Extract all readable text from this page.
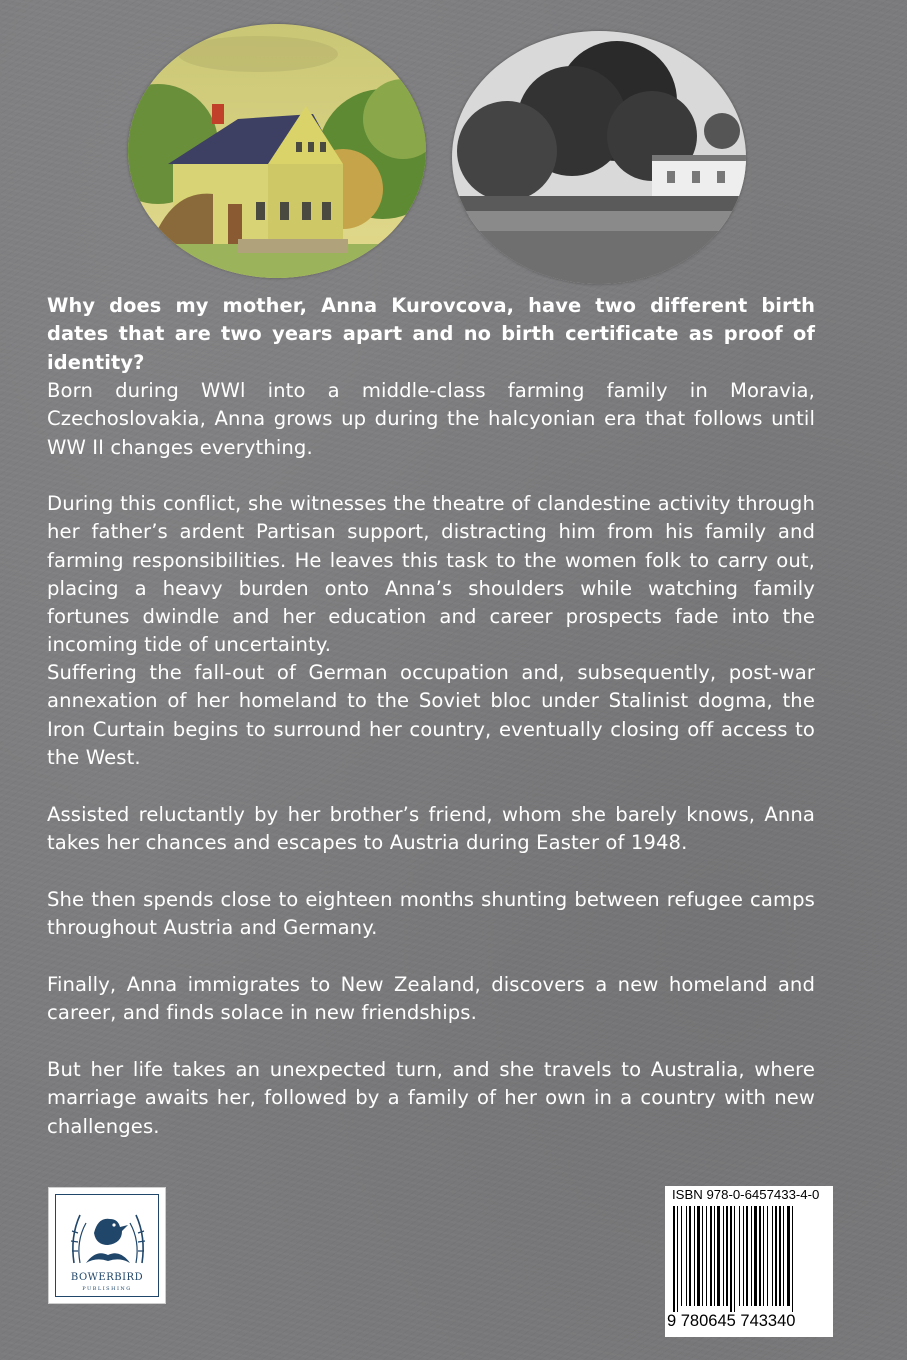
Why does my mother, Anna Kurovcova, have two different birth dates that are two years apart and no birth certificate as proof of identity?
Born during WWl into a middle-class farming family in Moravia, Czechoslovakia, Anna grows up during the halcyonian era that follows until WW II changes everything.
During this conflict, she witnesses the theatre of clandestine activity through her father’s ardent Partisan support, distracting him from his family and farming responsibilities. He leaves this task to the women folk to carry out, placing a heavy burden onto Anna’s shoulders while watching family fortunes dwindle and her education and career prospects fade into the incoming tide of uncertainty.
Suffering the fall-out of German occupation and, subsequently, post-war annexation of her homeland to the Soviet bloc under Stalinist dogma, the Iron Curtain begins to surround her country, eventually closing off access to the West.
Assisted reluctantly by her brother’s friend, whom she barely knows, Anna takes her chances and escapes to Austria during Easter of 1948.
She then spends close to eighteen months shunting between refugee camps throughout Austria and Germany.
Finally, Anna immigrates to New Zealand, discovers a new homeland and career, and finds solace in new friendships.
But her life takes an unexpected turn, and she travels to Australia, where marriage awaits her, followed by a family of her own in a country with new challenges.
BOWERBIRD
PUBLISHING
ISBN 978-0-6457433-4-0
9 780645 743340
